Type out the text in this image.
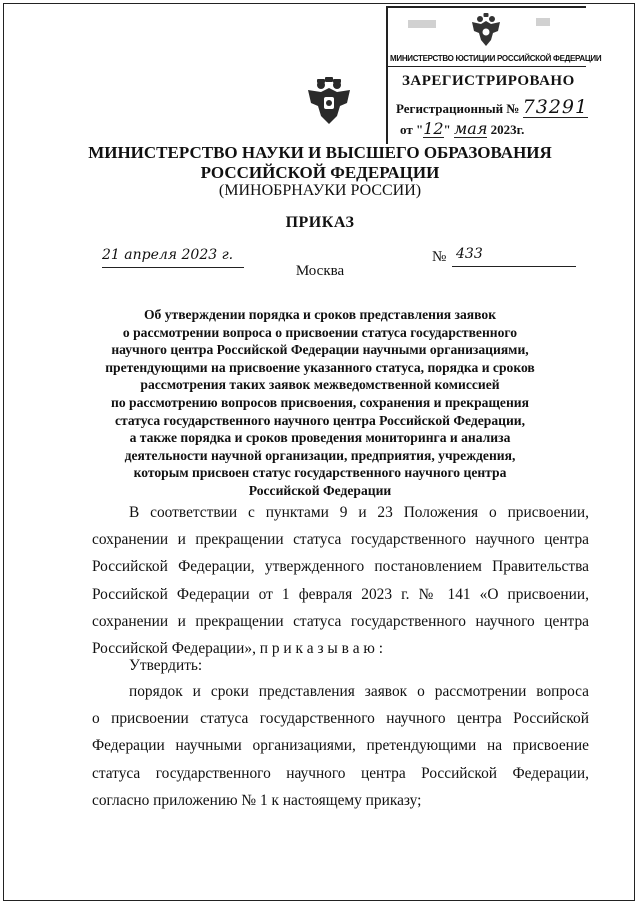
МИНИСТЕРСТВО ЮСТИЦИИ РОССИЙСКОЙ ФЕДЕРАЦИИ
ЗАРЕГИСТРИРОВАНО
Регистрационный № 73291
от "12" мая 2023г.
МИНИСТЕРСТВО НАУКИ И ВЫСШЕГО ОБРАЗОВАНИЯ
РОССИЙСКОЙ ФЕДЕРАЦИИ
(МИНОБРНАУКИ РОССИИ)
ПРИКАЗ
21 апреля 2023 г.	№ 433
Москва
Об утверждении порядка и сроков представления заявок
о рассмотрении вопроса о присвоении статуса государственного
научного центра Российской Федерации научными организациями,
претендующими на присвоение указанного статуса, порядка и сроков
рассмотрения таких заявок межведомственной комиссией
по рассмотрению вопросов присвоения, сохранения и прекращения
статуса государственного научного центра Российской Федерации,
а также порядка и сроков проведения мониторинга и анализа
деятельности научной организации, предприятия, учреждения,
которым присвоен статус государственного научного центра
Российской Федерации
В соответствии с пунктами 9 и 23 Положения о присвоении,
сохранении и прекращении статуса государственного научного центра
Российской Федерации, утвержденного постановлением Правительства
Российской Федерации от 1 февраля 2023 г. № 141 «О присвоении,
сохранении и прекращении статуса государственного научного центра
Российской Федерации», п р и к а з ы в а ю :
Утвердить:
порядок и сроки представления заявок о рассмотрении вопроса
о присвоении статуса государственного научного центра Российской
Федерации научными организациями, претендующими на присвоение
статуса государственного научного центра Российской Федерации,
согласно приложению № 1 к настоящему приказу;
